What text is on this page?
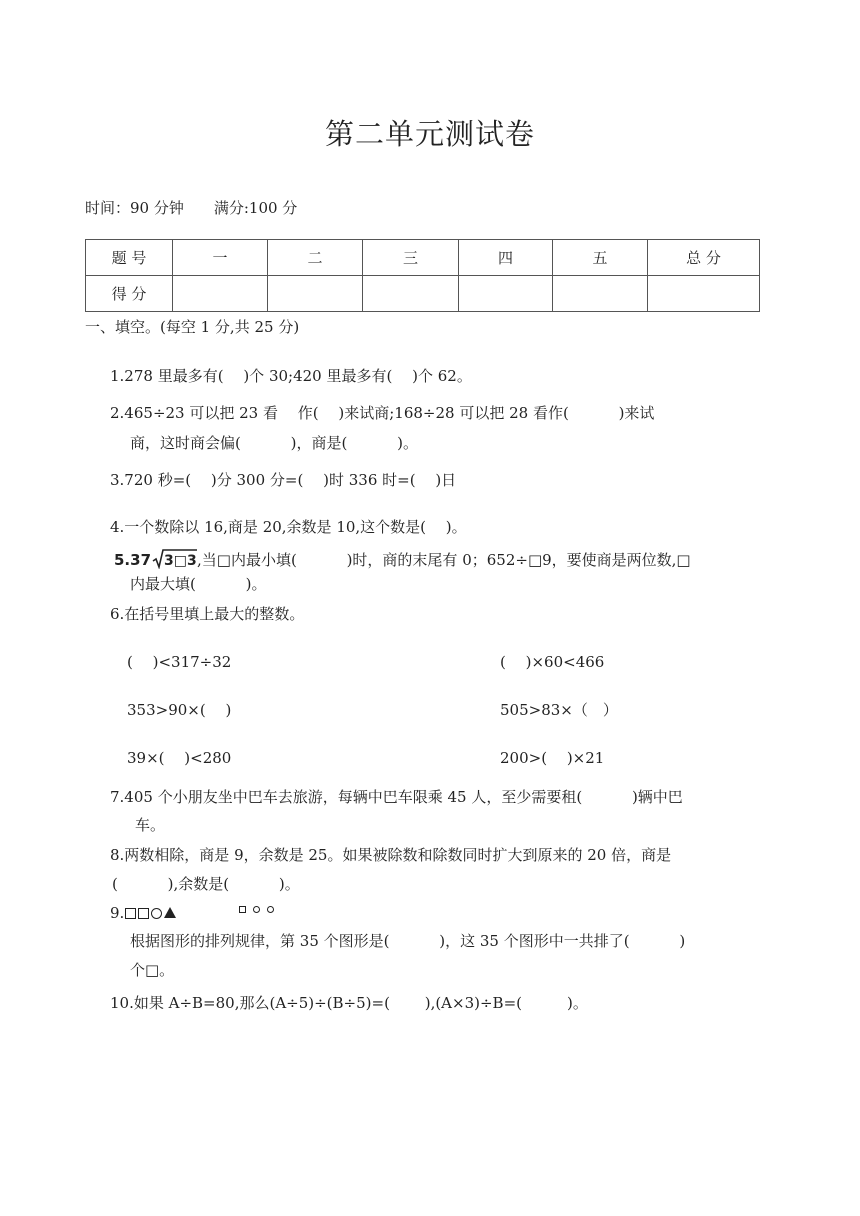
第二单元测试卷
时间：90 分钟 满分:100 分
题 号	一	二	三	四	五	总 分
得 分						
一、填空。(每空 1 分,共 25 分)
1.278 里最多有(　 )个 30;420 里最多有(　 )个 62。
2.465÷23 可以把 23 看　 作(　 )来试商;168÷28 可以把 28 看作(　　　 )来试
商，这时商会偏(　　　 )，商是(　　　 )。
3.720 秒=(　 )分 300 分=(　 )时 336 时=(　 )日
4.一个数除以 16,商是 20,余数是 10,这个数是(　 )。
5.37 3□3 ,当□内最小填(　　　 )时，商的末尾有 0；652÷□9，要使商是两位数,□
内最大填(　　　 )。
6.在括号里填上最大的整数。
(　 )<317÷32	(　 )×60<466
353>90×(　 )	505>83×（　）
39×(　 )<280	200>(　 )×21
7.405 个小朋友坐中巴车去旅游，每辆中巴车限乘 45 人，至少需要租(　　　 )辆中巴
车。
8.两数相除，商是 9，余数是 25。如果被除数和除数同时扩大到原来的 20 倍，商是
(　　　 ),余数是(　　　 )。
9.

根据图形的排列规律，第 35 个图形是(　　　 )，这 35 个图形中一共排了(　　　 )
个□。
10.如果 A÷B=80,那么(A÷5)÷(B÷5)=(　　 ),(A×3)÷B=(　　　)。
